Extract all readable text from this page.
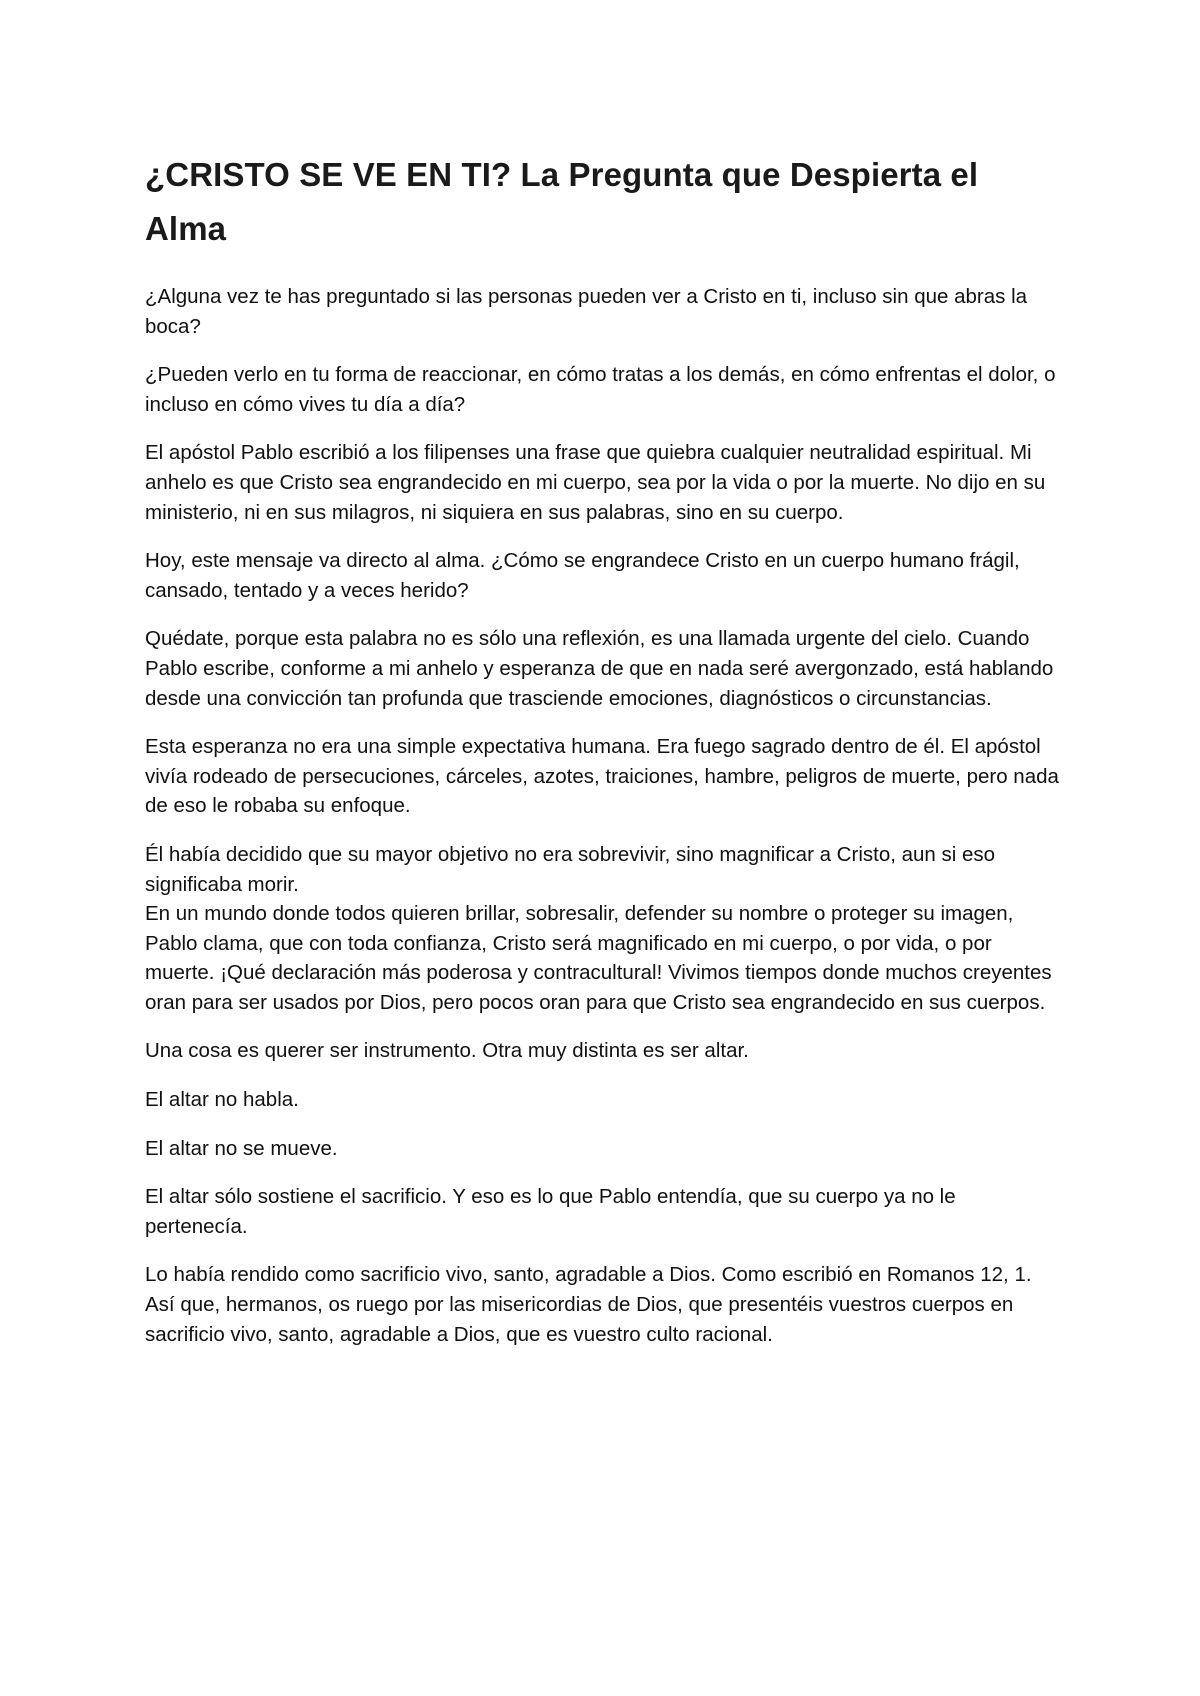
¿CRISTO SE VE EN TI? La Pregunta que Despierta el Alma

¿Alguna vez te has preguntado si las personas pueden ver a Cristo en ti, incluso sin que abras la boca?

¿Pueden verlo en tu forma de reaccionar, en cómo tratas a los demás, en cómo enfrentas el dolor, o incluso en cómo vives tu día a día?

El apóstol Pablo escribió a los filipenses una frase que quiebra cualquier neutralidad espiritual. Mi anhelo es que Cristo sea engrandecido en mi cuerpo, sea por la vida o por la muerte. No dijo en su ministerio, ni en sus milagros, ni siquiera en sus palabras, sino en su cuerpo.

Hoy, este mensaje va directo al alma. ¿Cómo se engrandece Cristo en un cuerpo humano frágil, cansado, tentado y a veces herido?

Quédate, porque esta palabra no es sólo una reflexión, es una llamada urgente del cielo. Cuando Pablo escribe, conforme a mi anhelo y esperanza de que en nada seré avergonzado, está hablando desde una convicción tan profunda que trasciende emociones, diagnósticos o circunstancias.

Esta esperanza no era una simple expectativa humana. Era fuego sagrado dentro de él. El apóstol vivía rodeado de persecuciones, cárceles, azotes, traiciones, hambre, peligros de muerte, pero nada de eso le robaba su enfoque.

Él había decidido que su mayor objetivo no era sobrevivir, sino magnificar a Cristo, aun si eso significaba morir.

En un mundo donde todos quieren brillar, sobresalir, defender su nombre o proteger su imagen, Pablo clama, que con toda confianza, Cristo será magnificado en mi cuerpo, o por vida, o por muerte. ¡Qué declaración más poderosa y contracultural! Vivimos tiempos donde muchos creyentes oran para ser usados por Dios, pero pocos oran para que Cristo sea engrandecido en sus cuerpos.

Una cosa es querer ser instrumento. Otra muy distinta es ser altar.

El altar no habla.

El altar no se mueve.

El altar sólo sostiene el sacrificio. Y eso es lo que Pablo entendía, que su cuerpo ya no le pertenecía.

Lo había rendido como sacrificio vivo, santo, agradable a Dios. Como escribió en Romanos 12, 1. Así que, hermanos, os ruego por las misericordias de Dios, que presentéis vuestros cuerpos en sacrificio vivo, santo, agradable a Dios, que es vuestro culto racional.
